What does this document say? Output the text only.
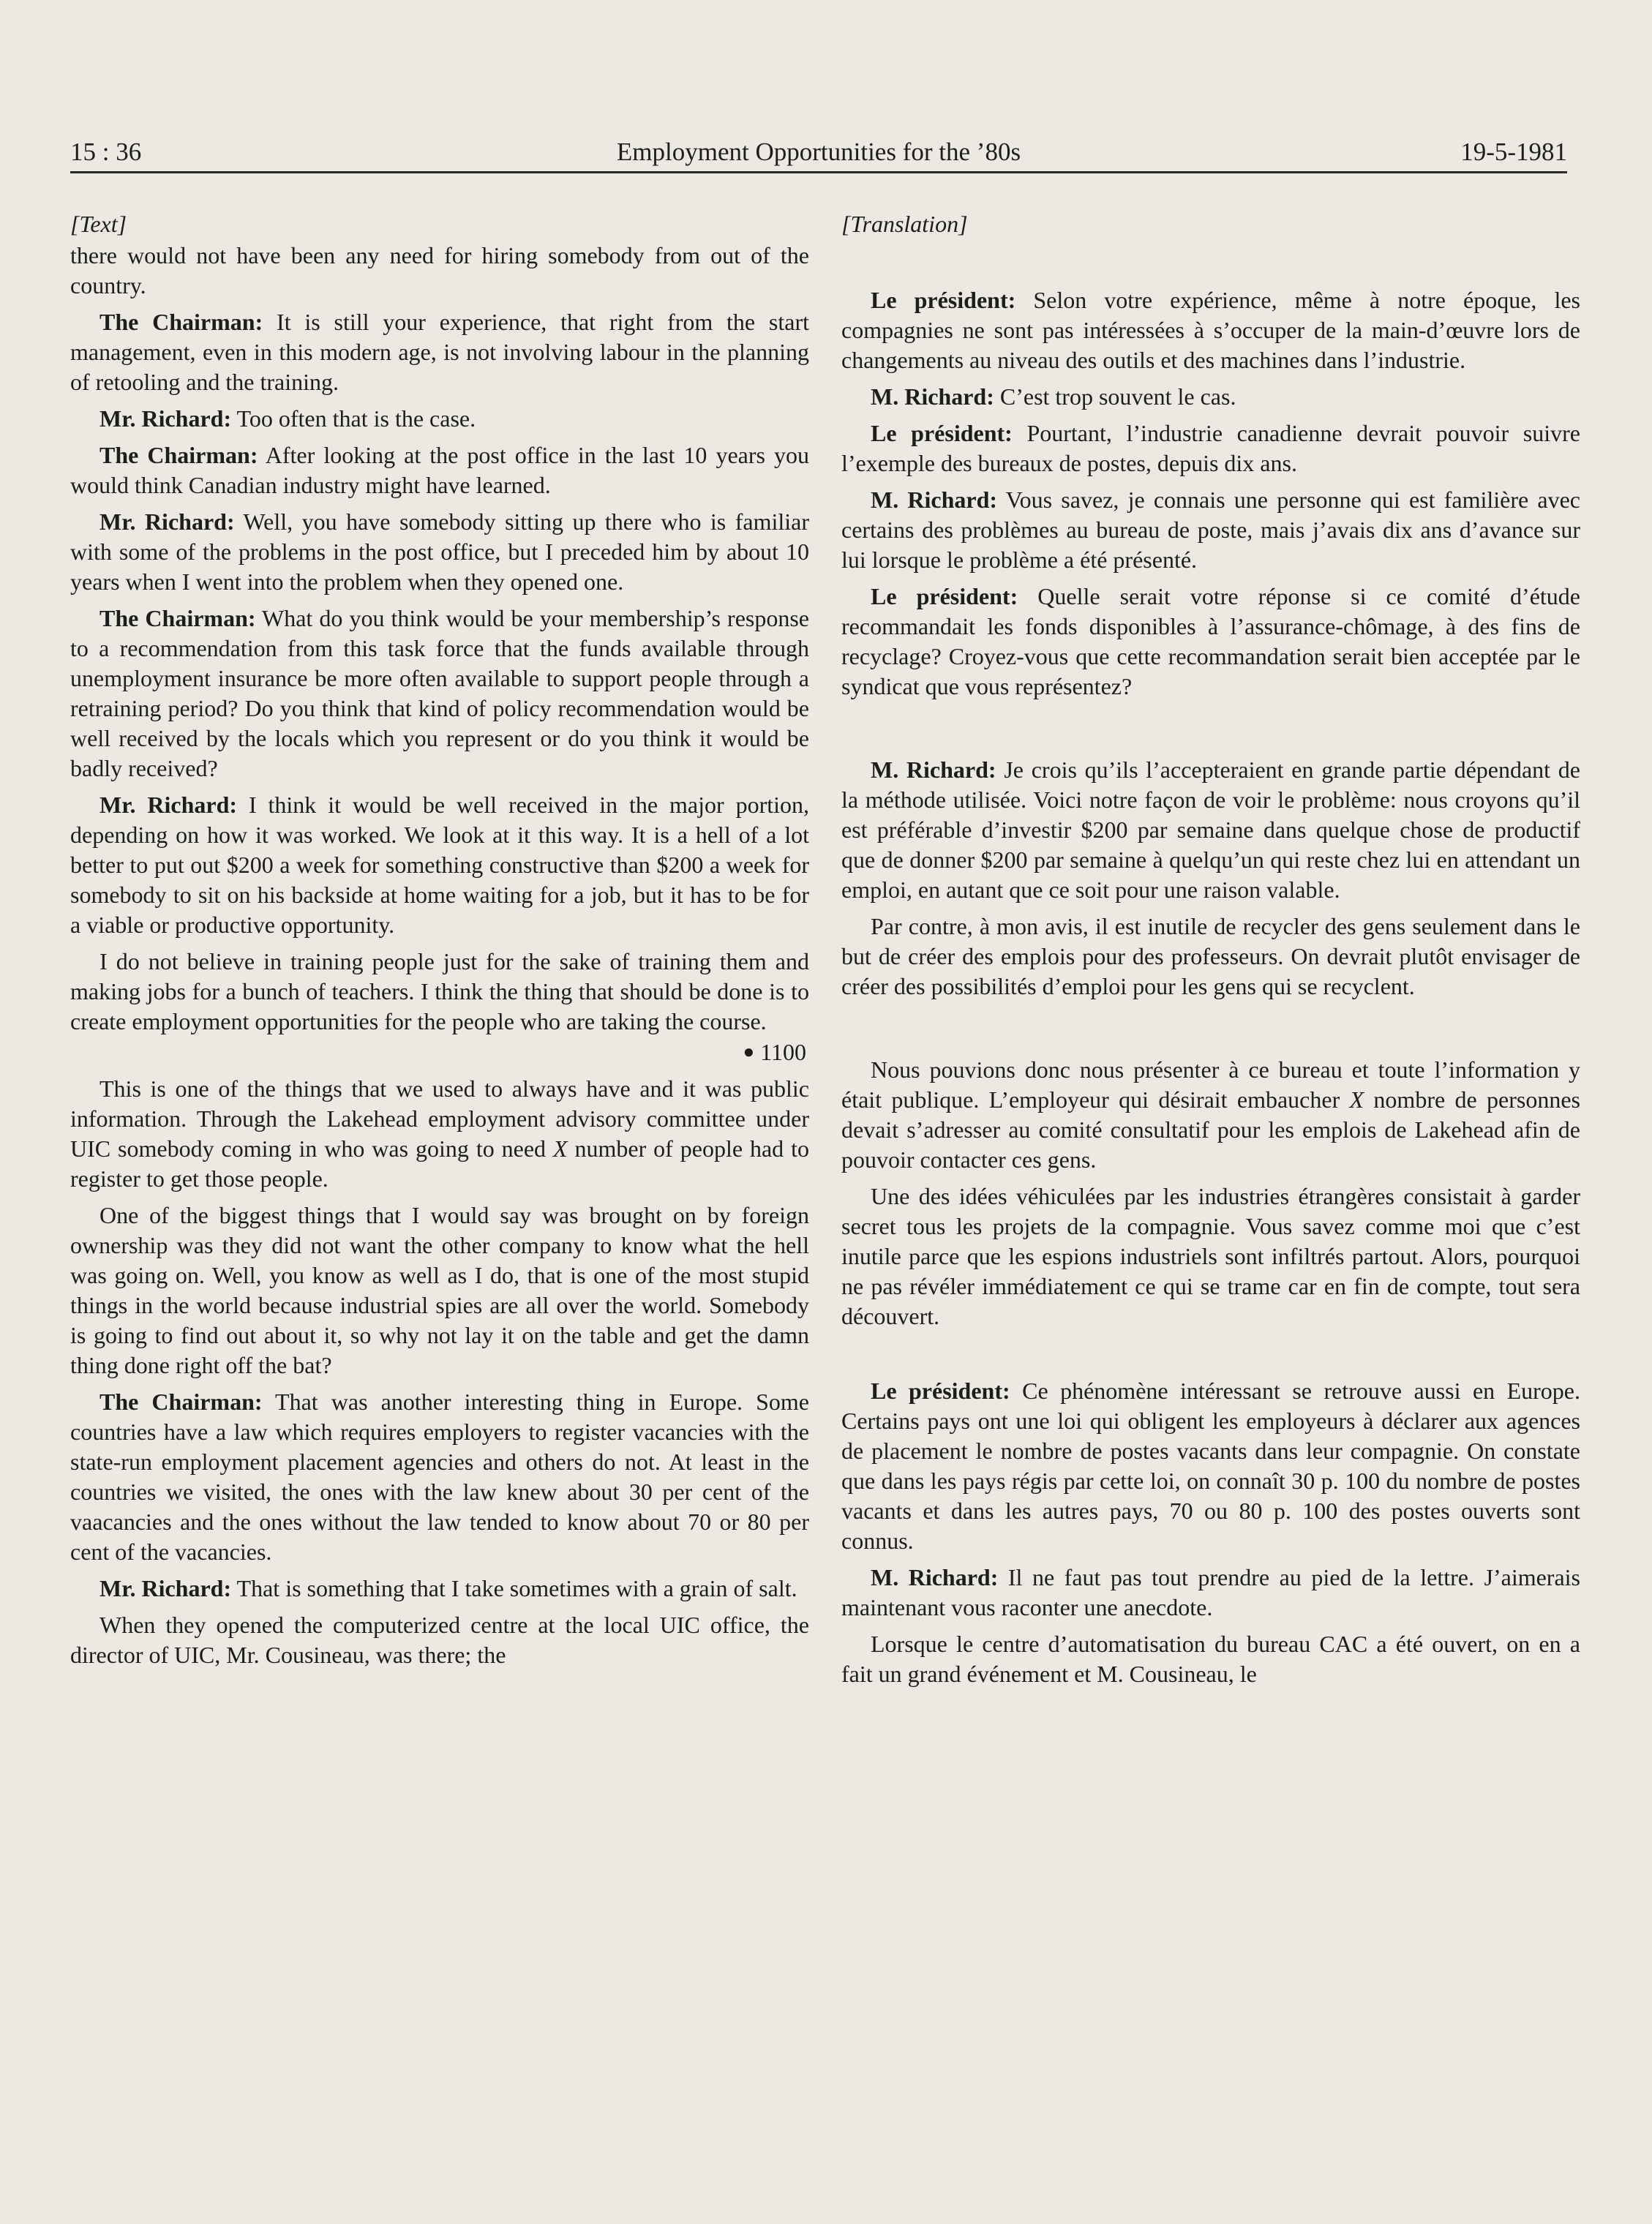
15 : 36	Employment Opportunities for the ’80s	19-5-1981

[Text]

there would not have been any need for hiring somebody from out of the country.

The Chairman: It is still your experience, that right from the start management, even in this modern age, is not involving labour in the planning of retooling and the training.

Mr. Richard: Too often that is the case.

The Chairman: After looking at the post office in the last 10 years you would think Canadian industry might have learned.

Mr. Richard: Well, you have somebody sitting up there who is familiar with some of the problems in the post office, but I preceded him by about 10 years when I went into the problem when they opened one.

The Chairman: What do you think would be your membership’s response to a recommendation from this task force that the funds available through unemployment insurance be more often available to support people through a retraining period? Do you think that kind of policy recommendation would be well received by the locals which you represent or do you think it would be badly received?

Mr. Richard: I think it would be well received in the major portion, depending on how it was worked. We look at it this way. It is a hell of a lot better to put out $200 a week for something constructive than $200 a week for somebody to sit on his backside at home waiting for a job, but it has to be for a viable or productive opportunity.

I do not believe in training people just for the sake of training them and making jobs for a bunch of teachers. I think the thing that should be done is to create employment opportunities for the people who are taking the course.

● 1100

This is one of the things that we used to always have and it was public information. Through the Lakehead employment advisory committee under UIC somebody coming in who was going to need X number of people had to register to get those people.

One of the biggest things that I would say was brought on by foreign ownership was they did not want the other company to know what the hell was going on. Well, you know as well as I do, that is one of the most stupid things in the world because industrial spies are all over the world. Somebody is going to find out about it, so why not lay it on the table and get the damn thing done right off the bat?

The Chairman: That was another interesting thing in Europe. Some countries have a law which requires employers to register vacancies with the state-run employment placement agencies and others do not. At least in the countries we visited, the ones with the law knew about 30 per cent of the vaacancies and the ones without the law tended to know about 70 or 80 per cent of the vacancies.

Mr. Richard: That is something that I take sometimes with a grain of salt.

When they opened the computerized centre at the local UIC office, the director of UIC, Mr. Cousineau, was there; the

[Translation]

Le président: Selon votre expérience, même à notre époque, les compagnies ne sont pas intéressées à s’occuper de la main-d’œuvre lors de changements au niveau des outils et des machines dans l’industrie.

M. Richard: C’est trop souvent le cas.

Le président: Pourtant, l’industrie canadienne devrait pouvoir suivre l’exemple des bureaux de postes, depuis dix ans.

M. Richard: Vous savez, je connais une personne qui est familière avec certains des problèmes au bureau de poste, mais j’avais dix ans d’avance sur lui lorsque le problème a été présenté.

Le président: Quelle serait votre réponse si ce comité d’étude recommandait les fonds disponibles à l’assurance-chômage, à des fins de recyclage? Croyez-vous que cette recommandation serait bien acceptée par le syndicat que vous représentez?

M. Richard: Je crois qu’ils l’accepteraient en grande partie dépendant de la méthode utilisée. Voici notre façon de voir le problème: nous croyons qu’il est préférable d’investir $200 par semaine dans quelque chose de productif que de donner $200 par semaine à quelqu’un qui reste chez lui en attendant un emploi, en autant que ce soit pour une raison valable.

Par contre, à mon avis, il est inutile de recycler des gens seulement dans le but de créer des emplois pour des professeurs. On devrait plutôt envisager de créer des possibilités d’emploi pour les gens qui se recyclent.

Nous pouvions donc nous présenter à ce bureau et toute l’information y était publique. L’employeur qui désirait embaucher X nombre de personnes devait s’adresser au comité consultatif pour les emplois de Lakehead afin de pouvoir contacter ces gens.

Une des idées véhiculées par les industries étrangères consistait à garder secret tous les projets de la compagnie. Vous savez comme moi que c’est inutile parce que les espions industriels sont infiltrés partout. Alors, pourquoi ne pas révéler immédiatement ce qui se trame car en fin de compte, tout sera découvert.

Le président: Ce phénomène intéressant se retrouve aussi en Europe. Certains pays ont une loi qui obligent les employeurs à déclarer aux agences de placement le nombre de postes vacants dans leur compagnie. On constate que dans les pays régis par cette loi, on connaît 30 p. 100 du nombre de postes vacants et dans les autres pays, 70 ou 80 p. 100 des postes ouverts sont connus.

M. Richard: Il ne faut pas tout prendre au pied de la lettre. J’aimerais maintenant vous raconter une anecdote.

Lorsque le centre d’automatisation du bureau CAC a été ouvert, on en a fait un grand événement et M. Cousineau, le
